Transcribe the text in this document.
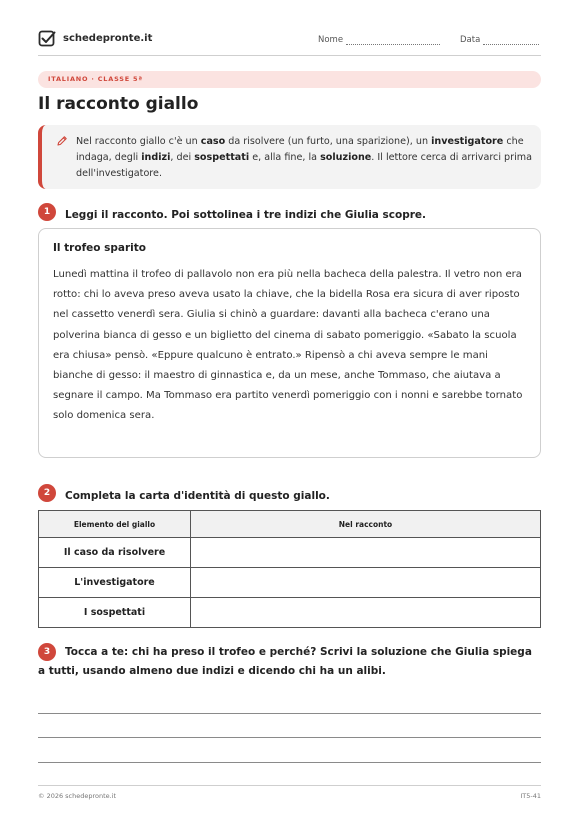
schedepronte.it	Nome	Data
ITALIANO · CLASSE 5ª
Il racconto giallo

Nel racconto giallo c'è un caso da risolvere (un furto, una sparizione), un investigatore che indaga, degli indizi, dei sospettati e, alla fine, la soluzione. Il lettore cerca di arrivarci prima dell'investigatore.

1	Leggi il racconto. Poi sottolinea i tre indizi che Giulia scopre.
Il trofeo sparito

Lunedì mattina il trofeo di pallavolo non era più nella bacheca della palestra. Il vetro non era rotto: chi lo aveva preso aveva usato la chiave, che la bidella Rosa era sicura di aver riposto nel cassetto venerdì sera. Giulia si chinò a guardare: davanti alla bacheca c'erano una polverina bianca di gesso e un biglietto del cinema di sabato pomeriggio. «Sabato la scuola era chiusa» pensò. «Eppure qualcuno è entrato.» Ripensò a chi aveva sempre le mani bianche di gesso: il maestro di ginnastica e, da un mese, anche Tommaso, che aiutava a segnare il campo. Ma Tommaso era partito venerdì pomeriggio con i nonni e sarebbe tornato solo domenica sera.

2	Completa la carta d'identità di questo giallo.
Elemento del giallo	Nel racconto
Il caso da risolvere	
L'investigatore	
I sospettati	
3	Tocca a te: chi ha preso il trofeo e perché? Scrivi la soluzione che Giulia spiega a tutti, usando almeno due indizi e dicendo chi ha un alibi.
© 2026 schedepronte.it	IT5-41
